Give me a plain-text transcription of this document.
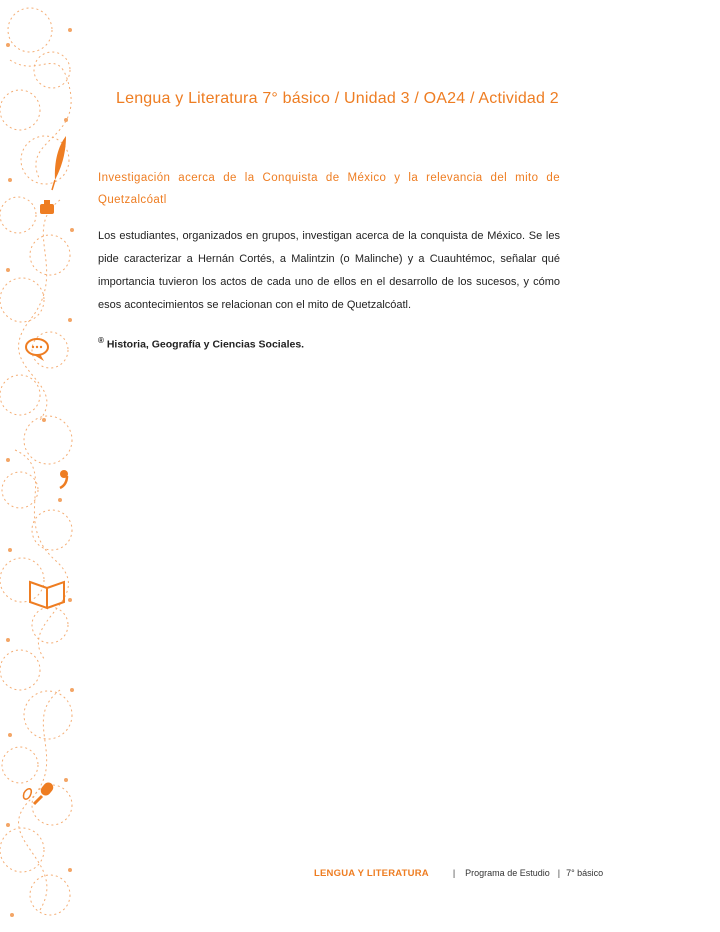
Lengua y Literatura 7° básico / Unidad 3 / OA24 / Actividad 2
Investigación acerca de la Conquista de México y la relevancia del mito de Quetzalcóatl
Los estudiantes, organizados en grupos, investigan acerca de la conquista de México. Se les pide caracterizar a Hernán Cortés, a Malintzin (o Malinche) y a Cuauhtémoc, señalar qué importancia tuvieron los actos de cada uno de ellos en el desarrollo de los sucesos, y cómo esos acontecimientos se relacionan con el mito de Quetzalcóatl.
® Historia, Geografía y Ciencias Sociales.
LENGUA Y LITERATURA	| Programa de Estudio | 7° básico
